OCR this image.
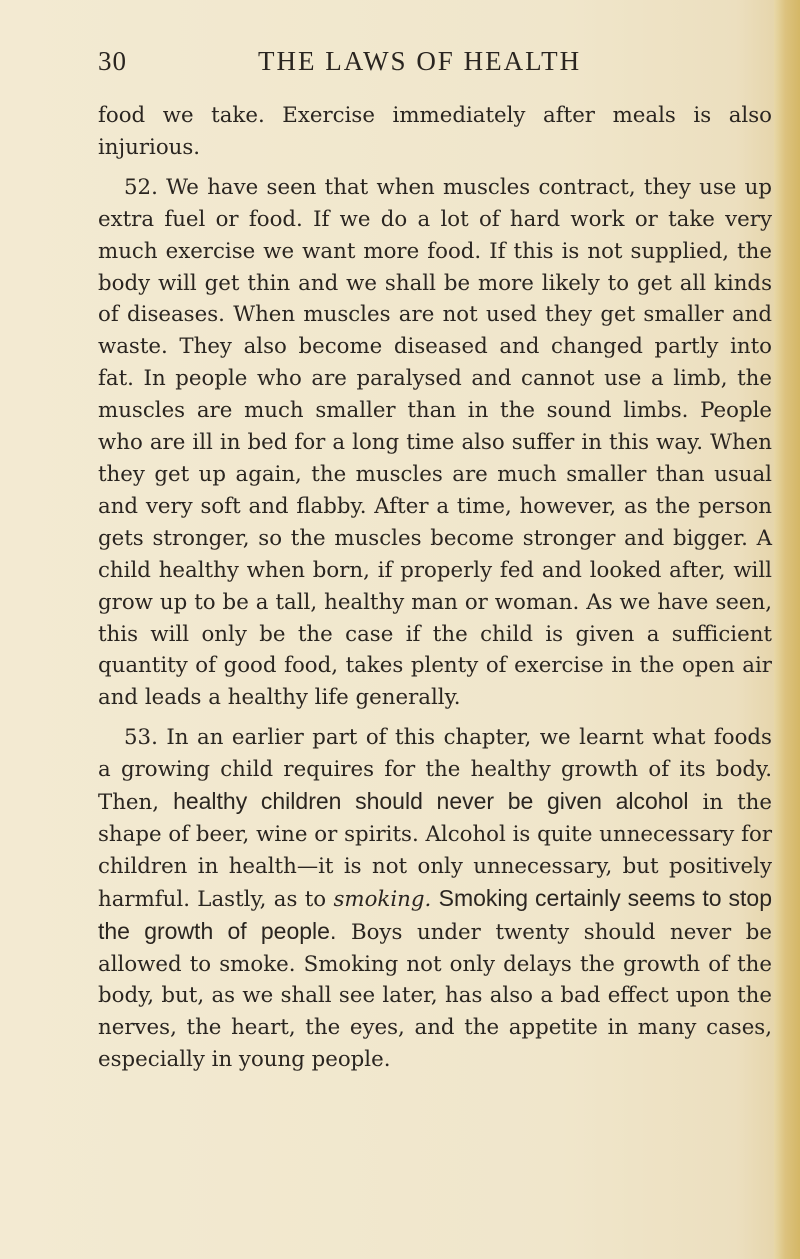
30	THE LAWS OF HEALTH

food we take. Exercise immediately after meals is also injurious.

52. We have seen that when muscles contract, they use up extra fuel or food. If we do a lot of hard work or take very much exercise we want more food. If this is not supplied, the body will get thin and we shall be more likely to get all kinds of diseases. When muscles are not used they get smaller and waste. They also become diseased and changed partly into fat. In people who are paralysed and cannot use a limb, the muscles are much smaller than in the sound limbs. People who are ill in bed for a long time also suffer in this way. When they get up again, the muscles are much smaller than usual and very soft and flabby. After a time, however, as the person gets stronger, so the muscles become stronger and bigger. A child healthy when born, if properly fed and looked after, will grow up to be a tall, healthy man or woman. As we have seen, this will only be the case if the child is given a sufficient quantity of good food, takes plenty of exercise in the open air and leads a healthy life generally.

53. In an earlier part of this chapter, we learnt what foods a growing child requires for the healthy growth of its body. Then, healthy children should never be given alcohol in the shape of beer, wine or spirits. Alcohol is quite unnecessary for children in health—it is not only unnecessary, but positively harmful. Lastly, as to smoking. Smoking certainly seems to stop the growth of people. Boys under twenty should never be allowed to smoke. Smoking not only delays the growth of the body, but, as we shall see later, has also a bad effect upon the nerves, the heart, the eyes, and the appetite in many cases, especially in young people.
